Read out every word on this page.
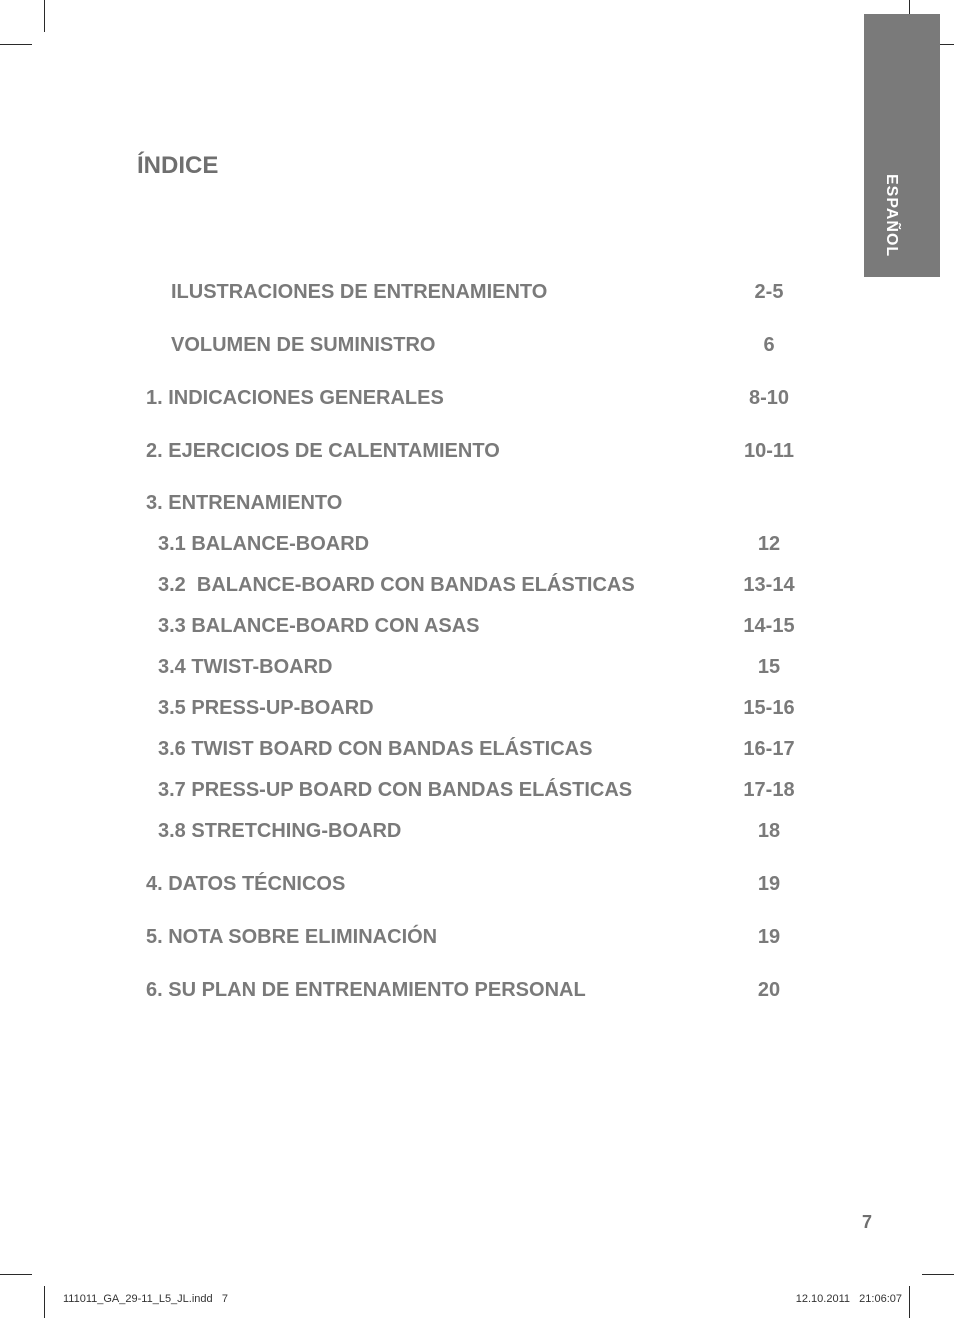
ESPAÑOL
ÍNDICE
ILUSTRACIONES DE ENTRENAMIENTO	2-5
VOLUMEN DE SUMINISTRO	6
1. INDICACIONES GENERALES	8-10
2. EJERCICIOS DE CALENTAMIENTO	10-11
3. ENTRENAMIENTO
3.1 BALANCE-BOARD	12
3.2  BALANCE-BOARD CON BANDAS ELÁSTICAS	13-14
3.3 BALANCE-BOARD CON ASAS	14-15
3.4 TWIST-BOARD	15
3.5 PRESS-UP-BOARD	15-16
3.6 TWIST BOARD CON BANDAS ELÁSTICAS	16-17
3.7 PRESS-UP BOARD CON BANDAS ELÁSTICAS	17-18
3.8 STRETCHING-BOARD	18
4. DATOS TÉCNICOS	19
5. NOTA SOBRE ELIMINACIÓN	19
6. SU PLAN DE ENTRENAMIENTO PERSONAL	20
7
111011_GA_29-11_L5_JL.indd   7	12.10.2011   21:06:07
